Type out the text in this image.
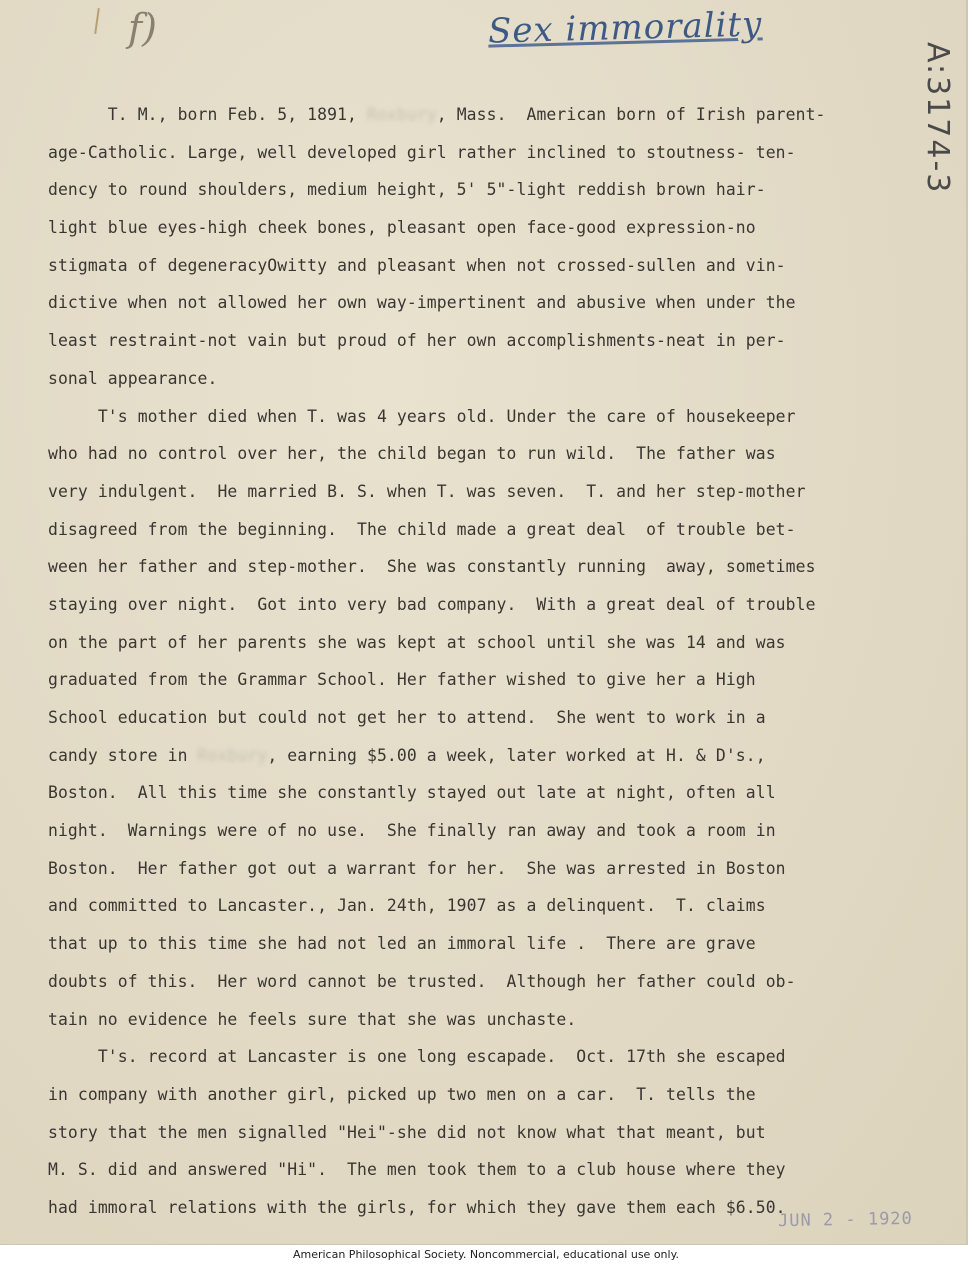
f)	Sex immorality
A:3174-3
T. M., born Feb. 5, 1891, Roxbury, Mass.  American born of Irish parent-
age-Catholic. Large, well developed girl rather inclined to stoutness- ten-
dency to round shoulders, medium height, 5' 5"-light reddish brown hair-
light blue eyes-high cheek bones, pleasant open face-good expression-no
stigmata of degeneracyOwitty and pleasant when not crossed-sullen and vin-
dictive when not allowed her own way-impertinent and abusive when under the
least restraint-not vain but proud of her own accomplishments-neat in per-
sonal appearance.
T's mother died when T. was 4 years old. Under the care of housekeeper
who had no control over her, the child began to run wild.  The father was
very indulgent.  He married B. S. when T. was seven.  T. and her step-mother
disagreed from the beginning.  The child made a great deal  of trouble bet-
ween her father and step-mother.  She was constantly running  away, sometimes
staying over night.  Got into very bad company.  With a great deal of trouble
on the part of her parents she was kept at school until she was 14 and was
graduated from the Grammar School. Her father wished to give her a High
School education but could not get her to attend.  She went to work in a
candy store in Roxbury, earning $5.00 a week, later worked at H. & D's.,
Boston.  All this time she constantly stayed out late at night, often all
night.  Warnings were of no use.  She finally ran away and took a room in
Boston.  Her father got out a warrant for her.  She was arrested in Boston
and committed to Lancaster., Jan. 24th, 1907 as a delinquent.  T. claims
that up to this time she had not led an immoral life .  There are grave
doubts of this.  Her word cannot be trusted.  Although her father could ob-
tain no evidence he feels sure that she was unchaste.
T's. record at Lancaster is one long escapade.  Oct. 17th she escaped
in company with another girl, picked up two men on a car.  T. tells the
story that the men signalled "Hei"-she did not know what that meant, but
M. S. did and answered "Hi".  The men took them to a club house where they
had immoral relations with the girls, for which they gave them each $6.50.
JUN 2 - 1920
American Philosophical Society. Noncommercial, educational use only.
